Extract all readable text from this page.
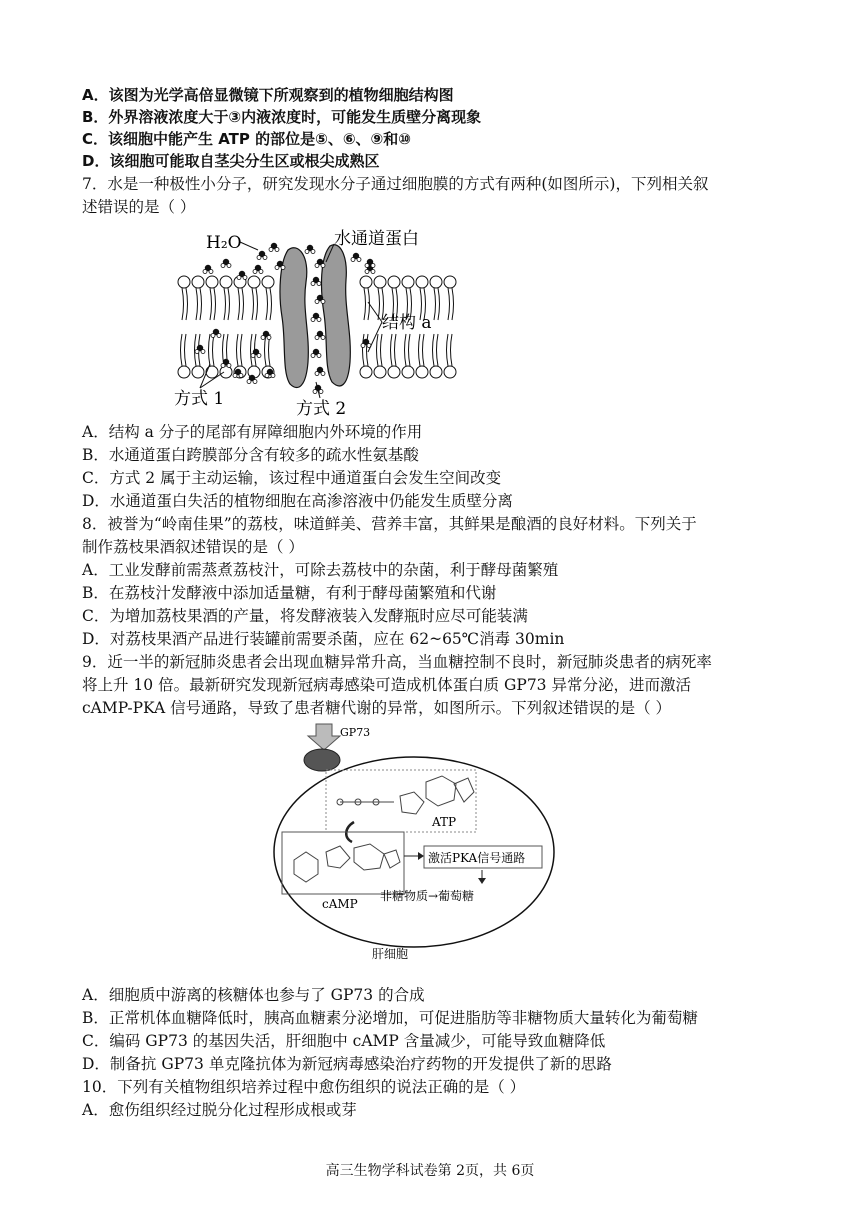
A．该图为光学高倍显微镜下所观察到的植物细胞结构图
B．外界溶液浓度大于③内液浓度时，可能发生质壁分离现象
C．该细胞中能产生 ATP 的部位是⑤、⑥、⑨和⑩
D．该细胞可能取自茎尖分生区或根尖成熟区
7．水是一种极性小分子，研究发现水分子通过细胞膜的方式有两种(如图所示)，下列相关叙
述错误的是（ ）
H₂O	水通道蛋白
结构 a
方式 1	方式 2
A．结构 a 分子的尾部有屏障细胞内外环境的作用
B．水通道蛋白跨膜部分含有较多的疏水性氨基酸
C．方式 2 属于主动运输，该过程中通道蛋白会发生空间改变
D．水通道蛋白失活的植物细胞在高渗溶液中仍能发生质壁分离
8．被誉为“岭南佳果”的荔枝，味道鲜美、营养丰富，其鲜果是酿酒的良好材料。下列关于
制作荔枝果酒叙述错误的是（ ）
A．工业发酵前需蒸煮荔枝汁，可除去荔枝中的杂菌，利于酵母菌繁殖
B．在荔枝汁发酵液中添加适量糖，有利于酵母菌繁殖和代谢
C．为增加荔枝果酒的产量，将发酵液装入发酵瓶时应尽可能装满
D．对荔枝果酒产品进行装罐前需要杀菌，应在 62~65℃消毒 30min
9．近一半的新冠肺炎患者会出现血糖异常升高，当血糖控制不良时，新冠肺炎患者的病死率
将上升 10 倍。最新研究发现新冠病毒感染可造成机体蛋白质 GP73 异常分泌，进而激活
cAMP-PKA 信号通路，导致了患者糖代谢的异常，如图所示。下列叙述错误的是（ ）
GP73
ATP
cAMP
激活PKA信号通路
非糖物质→葡萄糖
肝细胞
A．细胞质中游离的核糖体也参与了 GP73 的合成
B．正常机体血糖降低时，胰高血糖素分泌增加，可促进脂肪等非糖物质大量转化为葡萄糖
C．编码 GP73 的基因失活，肝细胞中 cAMP 含量减少，可能导致血糖降低
D．制备抗 GP73 单克隆抗体为新冠病毒感染治疗药物的开发提供了新的思路
10．下列有关植物组织培养过程中愈伤组织的说法正确的是（ ）
A．愈伤组织经过脱分化过程形成根或芽
高三生物学科试卷第 2页，共 6页
